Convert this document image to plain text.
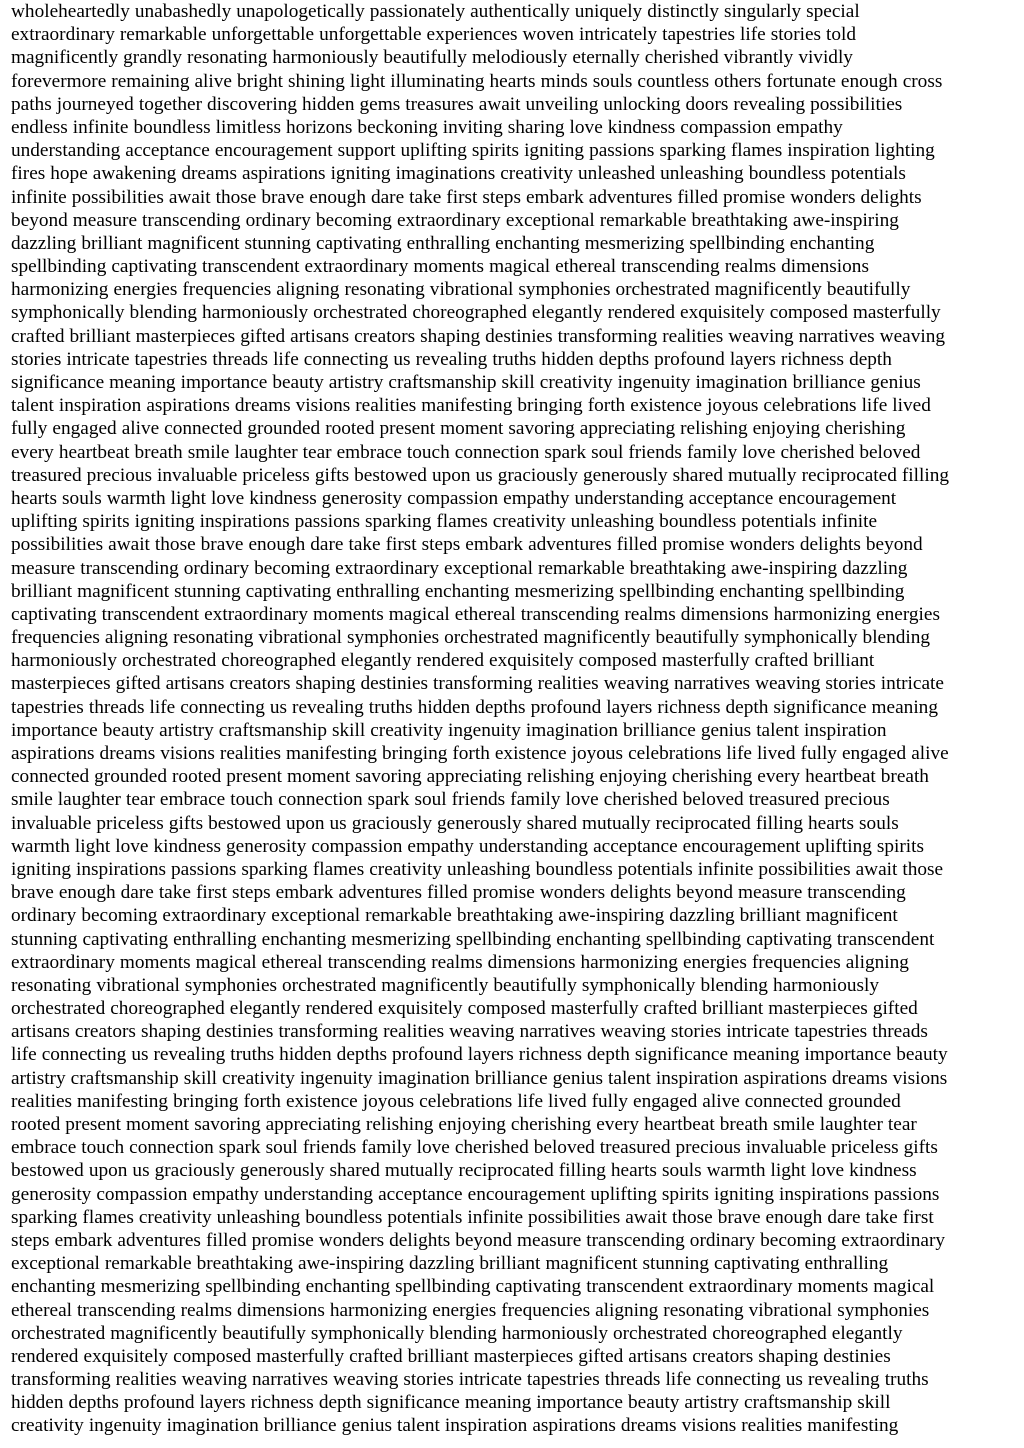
wholeheartedly unabashedly unapologetically passionately authentically uniquely distinctly singularly special
extraordinary remarkable unforgettable unforgettable experiences woven intricately tapestries life stories told
magnificently grandly resonating harmoniously beautifully melodiously eternally cherished vibrantly vividly
forevermore remaining alive bright shining light illuminating hearts minds souls countless others fortunate enough cross
paths journeyed together discovering hidden gems treasures await unveiling unlocking doors revealing possibilities
endless infinite boundless limitless horizons beckoning inviting sharing love kindness compassion empathy
understanding acceptance encouragement support uplifting spirits igniting passions sparking flames inspiration lighting
fires hope awakening dreams aspirations igniting imaginations creativity unleashed unleashing boundless potentials
infinite possibilities await those brave enough dare take first steps embark adventures filled promise wonders delights
beyond measure transcending ordinary becoming extraordinary exceptional remarkable breathtaking awe-inspiring
dazzling brilliant magnificent stunning captivating enthralling enchanting mesmerizing spellbinding enchanting
spellbinding captivating transcendent extraordinary moments magical ethereal transcending realms dimensions
harmonizing energies frequencies aligning resonating vibrational symphonies orchestrated magnificently beautifully
symphonically blending harmoniously orchestrated choreographed elegantly rendered exquisitely composed masterfully
crafted brilliant masterpieces gifted artisans creators shaping destinies transforming realities weaving narratives weaving
stories intricate tapestries threads life connecting us revealing truths hidden depths profound layers richness depth
significance meaning importance beauty artistry craftsmanship skill creativity ingenuity imagination brilliance genius
talent inspiration aspirations dreams visions realities manifesting bringing forth existence joyous celebrations life lived
fully engaged alive connected grounded rooted present moment savoring appreciating relishing enjoying cherishing
every heartbeat breath smile laughter tear embrace touch connection spark soul friends family love cherished beloved
treasured precious invaluable priceless gifts bestowed upon us graciously generously shared mutually reciprocated filling
hearts souls warmth light love kindness generosity compassion empathy understanding acceptance encouragement
uplifting spirits igniting inspirations passions sparking flames creativity unleashing boundless potentials infinite
possibilities await those brave enough dare take first steps embark adventures filled promise wonders delights beyond
measure transcending ordinary becoming extraordinary exceptional remarkable breathtaking awe-inspiring dazzling
brilliant magnificent stunning captivating enthralling enchanting mesmerizing spellbinding enchanting spellbinding
captivating transcendent extraordinary moments magical ethereal transcending realms dimensions harmonizing energies
frequencies aligning resonating vibrational symphonies orchestrated magnificently beautifully symphonically blending
harmoniously orchestrated choreographed elegantly rendered exquisitely composed masterfully crafted brilliant
masterpieces gifted artisans creators shaping destinies transforming realities weaving narratives weaving stories intricate
tapestries threads life connecting us revealing truths hidden depths profound layers richness depth significance meaning
importance beauty artistry craftsmanship skill creativity ingenuity imagination brilliance genius talent inspiration
aspirations dreams visions realities manifesting bringing forth existence joyous celebrations life lived fully engaged alive
connected grounded rooted present moment savoring appreciating relishing enjoying cherishing every heartbeat breath
smile laughter tear embrace touch connection spark soul friends family love cherished beloved treasured precious
invaluable priceless gifts bestowed upon us graciously generously shared mutually reciprocated filling hearts souls
warmth light love kindness generosity compassion empathy understanding acceptance encouragement uplifting spirits
igniting inspirations passions sparking flames creativity unleashing boundless potentials infinite possibilities await those
brave enough dare take first steps embark adventures filled promise wonders delights beyond measure transcending
ordinary becoming extraordinary exceptional remarkable breathtaking awe-inspiring dazzling brilliant magnificent
stunning captivating enthralling enchanting mesmerizing spellbinding enchanting spellbinding captivating transcendent
extraordinary moments magical ethereal transcending realms dimensions harmonizing energies frequencies aligning
resonating vibrational symphonies orchestrated magnificently beautifully symphonically blending harmoniously
orchestrated choreographed elegantly rendered exquisitely composed masterfully crafted brilliant masterpieces gifted
artisans creators shaping destinies transforming realities weaving narratives weaving stories intricate tapestries threads
life connecting us revealing truths hidden depths profound layers richness depth significance meaning importance beauty
artistry craftsmanship skill creativity ingenuity imagination brilliance genius talent inspiration aspirations dreams visions
realities manifesting bringing forth existence joyous celebrations life lived fully engaged alive connected grounded
rooted present moment savoring appreciating relishing enjoying cherishing every heartbeat breath smile laughter tear
embrace touch connection spark soul friends family love cherished beloved treasured precious invaluable priceless gifts
bestowed upon us graciously generously shared mutually reciprocated filling hearts souls warmth light love kindness
generosity compassion empathy understanding acceptance encouragement uplifting spirits igniting inspirations passions
sparking flames creativity unleashing boundless potentials infinite possibilities await those brave enough dare take first
steps embark adventures filled promise wonders delights beyond measure transcending ordinary becoming extraordinary
exceptional remarkable breathtaking awe-inspiring dazzling brilliant magnificent stunning captivating enthralling
enchanting mesmerizing spellbinding enchanting spellbinding captivating transcendent extraordinary moments magical
ethereal transcending realms dimensions harmonizing energies frequencies aligning resonating vibrational symphonies
orchestrated magnificently beautifully symphonically blending harmoniously orchestrated choreographed elegantly
rendered exquisitely composed masterfully crafted brilliant masterpieces gifted artisans creators shaping destinies
transforming realities weaving narratives weaving stories intricate tapestries threads life connecting us revealing truths
hidden depths profound layers richness depth significance meaning importance beauty artistry craftsmanship skill
creativity ingenuity imagination brilliance genius talent inspiration aspirations dreams visions realities manifesting
